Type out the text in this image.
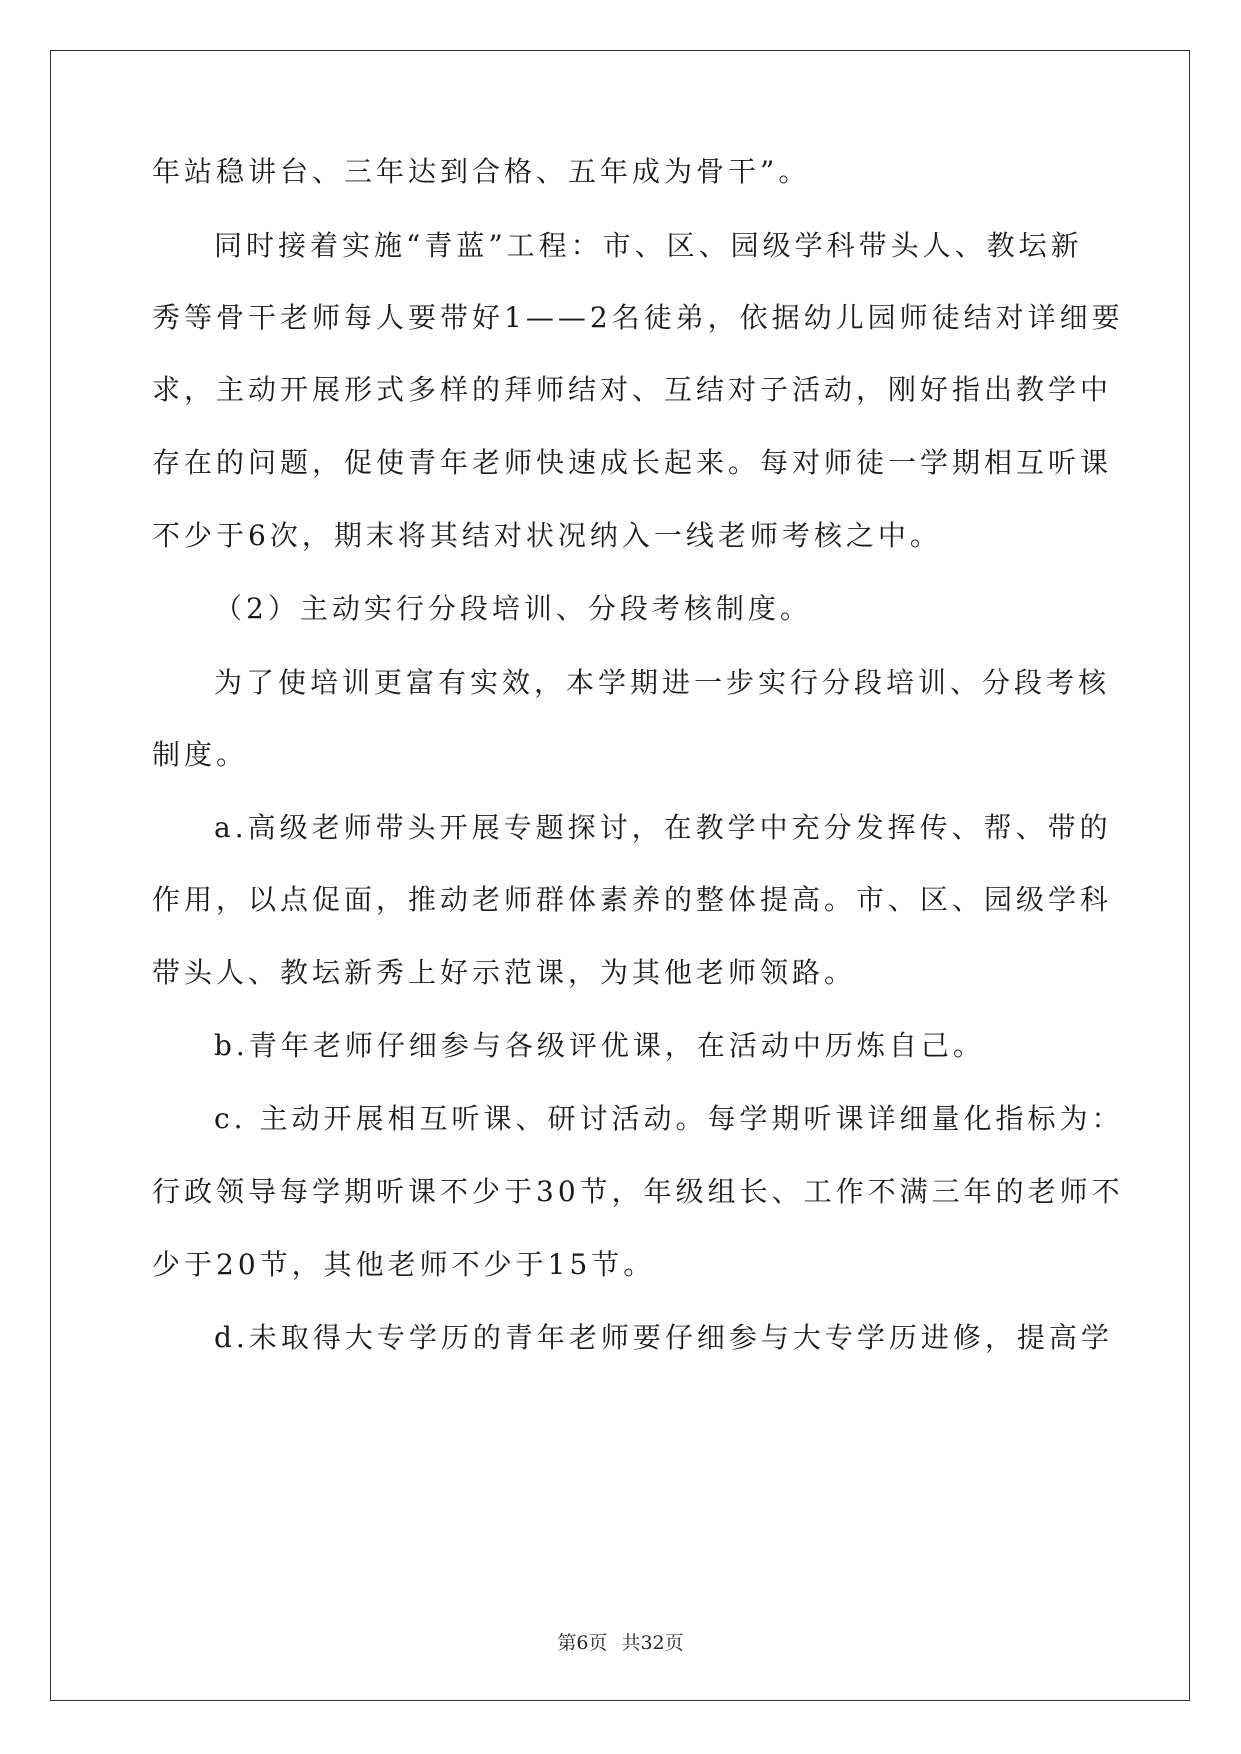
年站稳讲台、三年达到合格、五年成为骨干”。
同时接着实施“青蓝”工程：市、区、园级学科带头人、教坛新
秀等骨干老师每人要带好1——2名徒弟，依据幼儿园师徒结对详细要
求，主动开展形式多样的拜师结对、互结对子活动，刚好指出教学中
存在的问题，促使青年老师快速成长起来。每对师徒一学期相互听课
不少于6次，期末将其结对状况纳入一线老师考核之中。
（2）主动实行分段培训、分段考核制度。
为了使培训更富有实效，本学期进一步实行分段培训、分段考核
制度。
a.高级老师带头开展专题探讨，在教学中充分发挥传、帮、带的
作用，以点促面，推动老师群体素养的整体提高。市、区、园级学科
带头人、教坛新秀上好示范课，为其他老师领路。
b.青年老师仔细参与各级评优课，在活动中历炼自己。
c. 主动开展相互听课、研讨活动。每学期听课详细量化指标为：
行政领导每学期听课不少于30节，年级组长、工作不满三年的老师不
少于20节，其他老师不少于15节。
d.未取得大专学历的青年老师要仔细参与大专学历进修，提高学
第6页 共32页
